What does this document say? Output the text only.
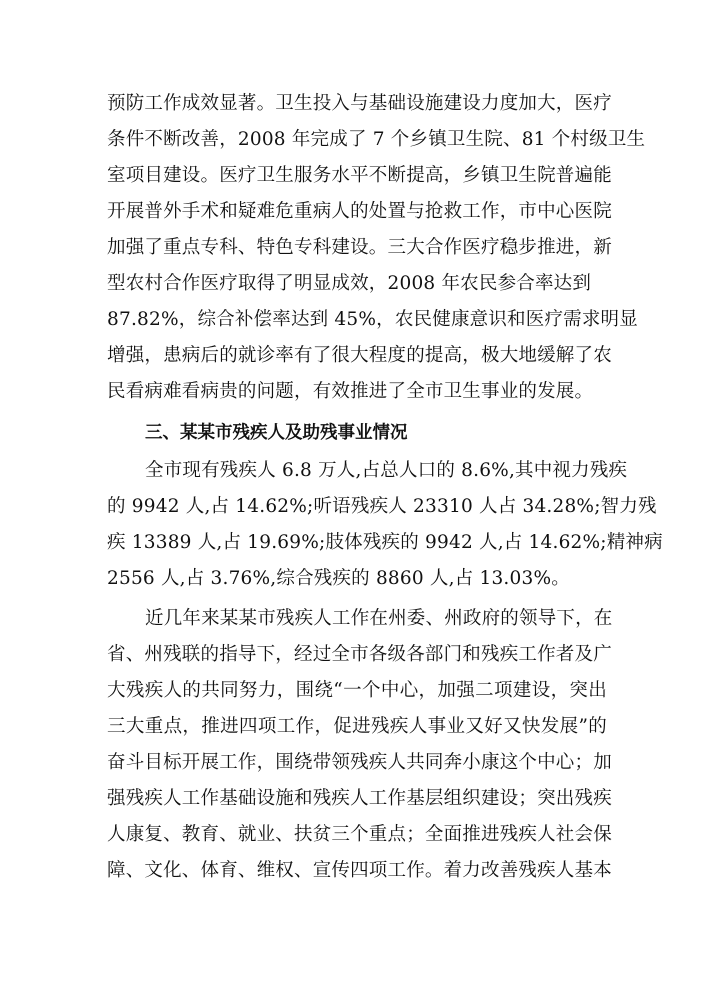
预防工作成效显著。卫生投入与基础设施建设力度加大，医疗
条件不断改善，2008 年完成了 7 个乡镇卫生院、81 个村级卫生
室项目建设。医疗卫生服务水平不断提高，乡镇卫生院普遍能
开展普外手术和疑难危重病人的处置与抢救工作，市中心医院
加强了重点专科、特色专科建设。三大合作医疗稳步推进，新
型农村合作医疗取得了明显成效，2008 年农民参合率达到
87.82%，综合补偿率达到 45%，农民健康意识和医疗需求明显
增强，患病后的就诊率有了很大程度的提高，极大地缓解了农
民看病难看病贵的问题，有效推进了全市卫生事业的发展。
三、某某市残疾人及助残事业情况
全市现有残疾人 6.8 万人,占总人口的 8.6%,其中视力残疾
的 9942 人,占 14.62%;听语残疾人 23310 人占 34.28%;智力残
疾 13389 人,占 19.69%;肢体残疾的 9942 人,占 14.62%;精神病
2556 人,占 3.76%,综合残疾的 8860 人,占 13.03%。
近几年来某某市残疾人工作在州委、州政府的领导下，在
省、州残联的指导下，经过全市各级各部门和残疾工作者及广
大残疾人的共同努力，围绕“一个中心，加强二项建设，突出
三大重点，推进四项工作，促进残疾人事业又好又快发展”的
奋斗目标开展工作，围绕带领残疾人共同奔小康这个中心；加
强残疾人工作基础设施和残疾人工作基层组织建设；突出残疾
人康复、教育、就业、扶贫三个重点；全面推进残疾人社会保
障、文化、体育、维权、宣传四项工作。着力改善残疾人基本
